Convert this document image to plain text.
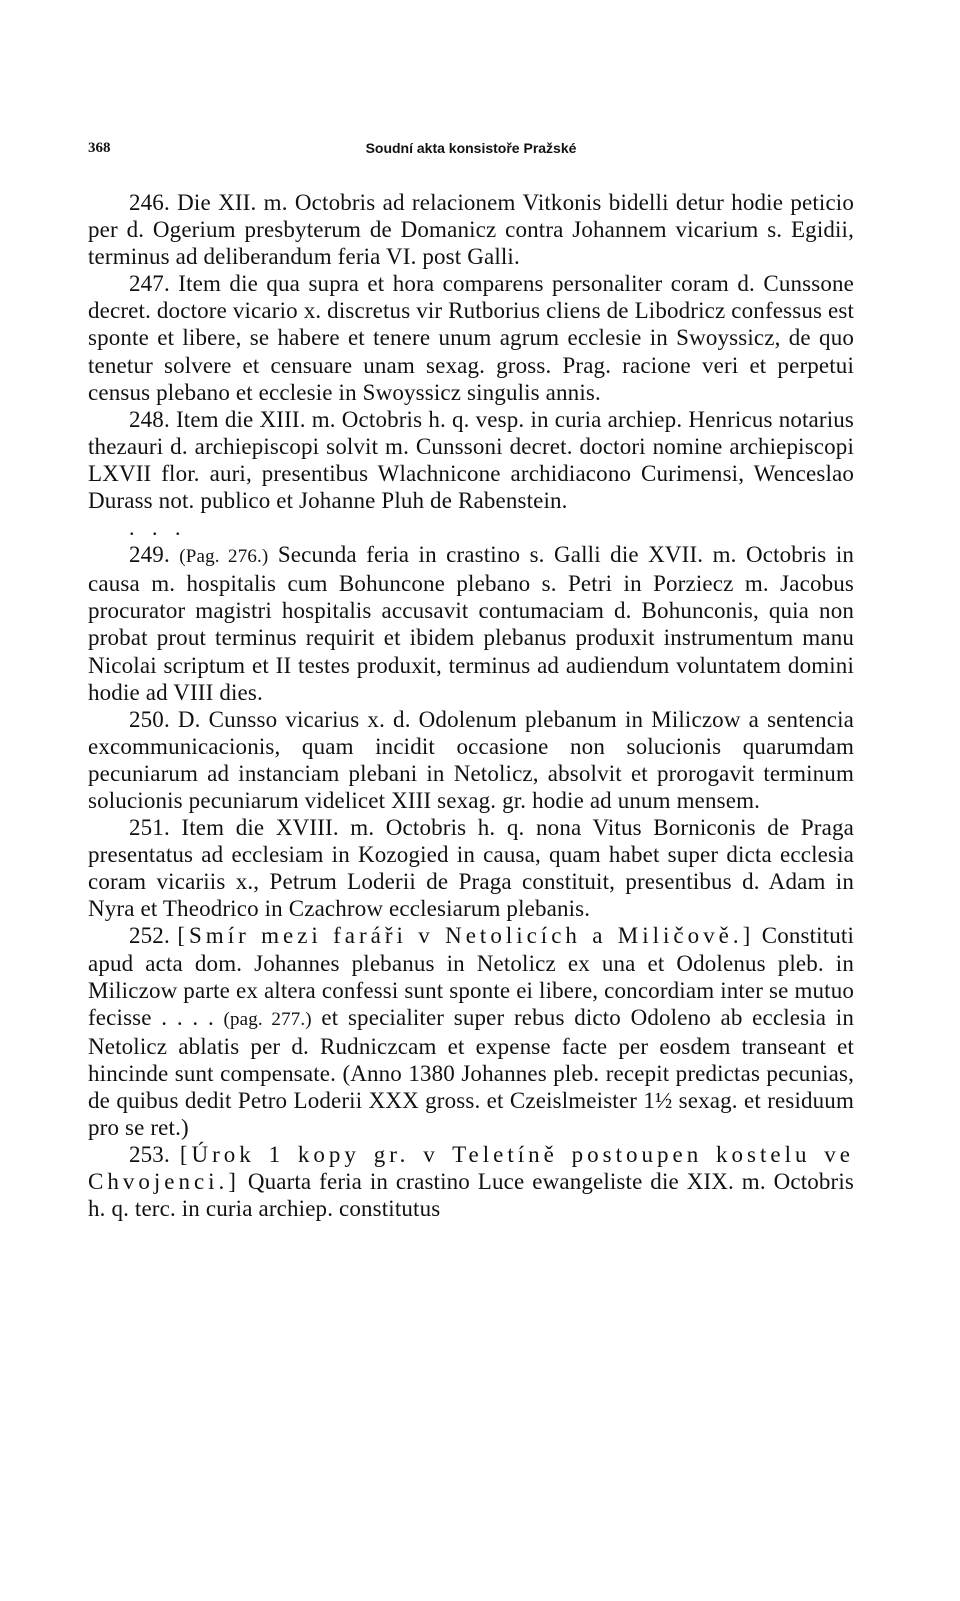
368	Soudní akta konsistoře Pražské

246. Die XII. m. Octobris ad relacionem Vitkonis bidelli detur hodie peticio per d. Ogerium presbyterum de Domanicz contra Johannem vicarium s. Egidii, terminus ad deliberandum feria VI. post Galli.

247. Item die qua supra et hora comparens personaliter coram d. Cunssone decret. doctore vicario x. discretus vir Rutborius cliens de Libodricz confessus est sponte et libere, se habere et tenere unum agrum ecclesie in Swoyssicz, de quo tenetur solvere et censuare unam sexag. gross. Prag. racione veri et perpetui census plebano et ecclesie in Swoyssicz singulis annis.

248. Item die XIII. m. Octobris h. q. vesp. in curia archiep. Henricus notarius thezauri d. archiepiscopi solvit m. Cunssoni decret. doctori nomine archiepiscopi LXVII flor. auri, presentibus Wlachnicone archidiacono Curimensi, Wenceslao Durass not. publico et Johanne Pluh de Rabenstein.

. . .

249. (Pag. 276.) Secunda feria in crastino s. Galli die XVII. m. Octobris in causa m. hospitalis cum Bohuncone plebano s. Petri in Porziecz m. Jacobus procurator magistri hospitalis accusavit contumaciam d. Bohunconis, quia non probat prout terminus requirit et ibidem plebanus produxit instrumentum manu Nicolai scriptum et II testes produxit, terminus ad audiendum voluntatem domini hodie ad VIII dies.

250. D. Cunsso vicarius x. d. Odolenum plebanum in Miliczow a sentencia excommunicacionis, quam incidit occasione non solucionis quarumdam pecuniarum ad instanciam plebani in Netolicz, absolvit et prorogavit terminum solucionis pecuniarum videlicet XIII sexag. gr. hodie ad unum mensem.

251. Item die XVIII. m. Octobris h. q. nona Vitus Borniconis de Praga presentatus ad ecclesiam in Kozogied in causa, quam habet super dicta ecclesia coram vicariis x., Petrum Loderii de Praga constituit, presentibus d. Adam in Nyra et Theodrico in Czachrow ecclesiarum plebanis.

252. [Smír mezi faráři v Netolicích a Miličově.] Constituti apud acta dom. Johannes plebanus in Netolicz ex una et Odolenus pleb. in Miliczow parte ex altera confessi sunt sponte ei libere, concordiam inter se mutuo fecisse . . . . (pag. 277.) et specialiter super rebus dicto Odoleno ab ecclesia in Netolicz ablatis per d. Rudniczcam et expense facte per eosdem transeant et hincinde sunt compensate. (Anno 1380 Johannes pleb. recepit predictas pecunias, de quibus dedit Petro Loderii XXX gross. et Czeislmeister 1½ sexag. et residuum pro se ret.)

253. [Úrok 1 kopy gr. v Teletíně postoupen kostelu ve Chvojenci.] Quarta feria in crastino Luce ewangeliste die XIX. m. Octobris h. q. terc. in curia archiep. constitutus
